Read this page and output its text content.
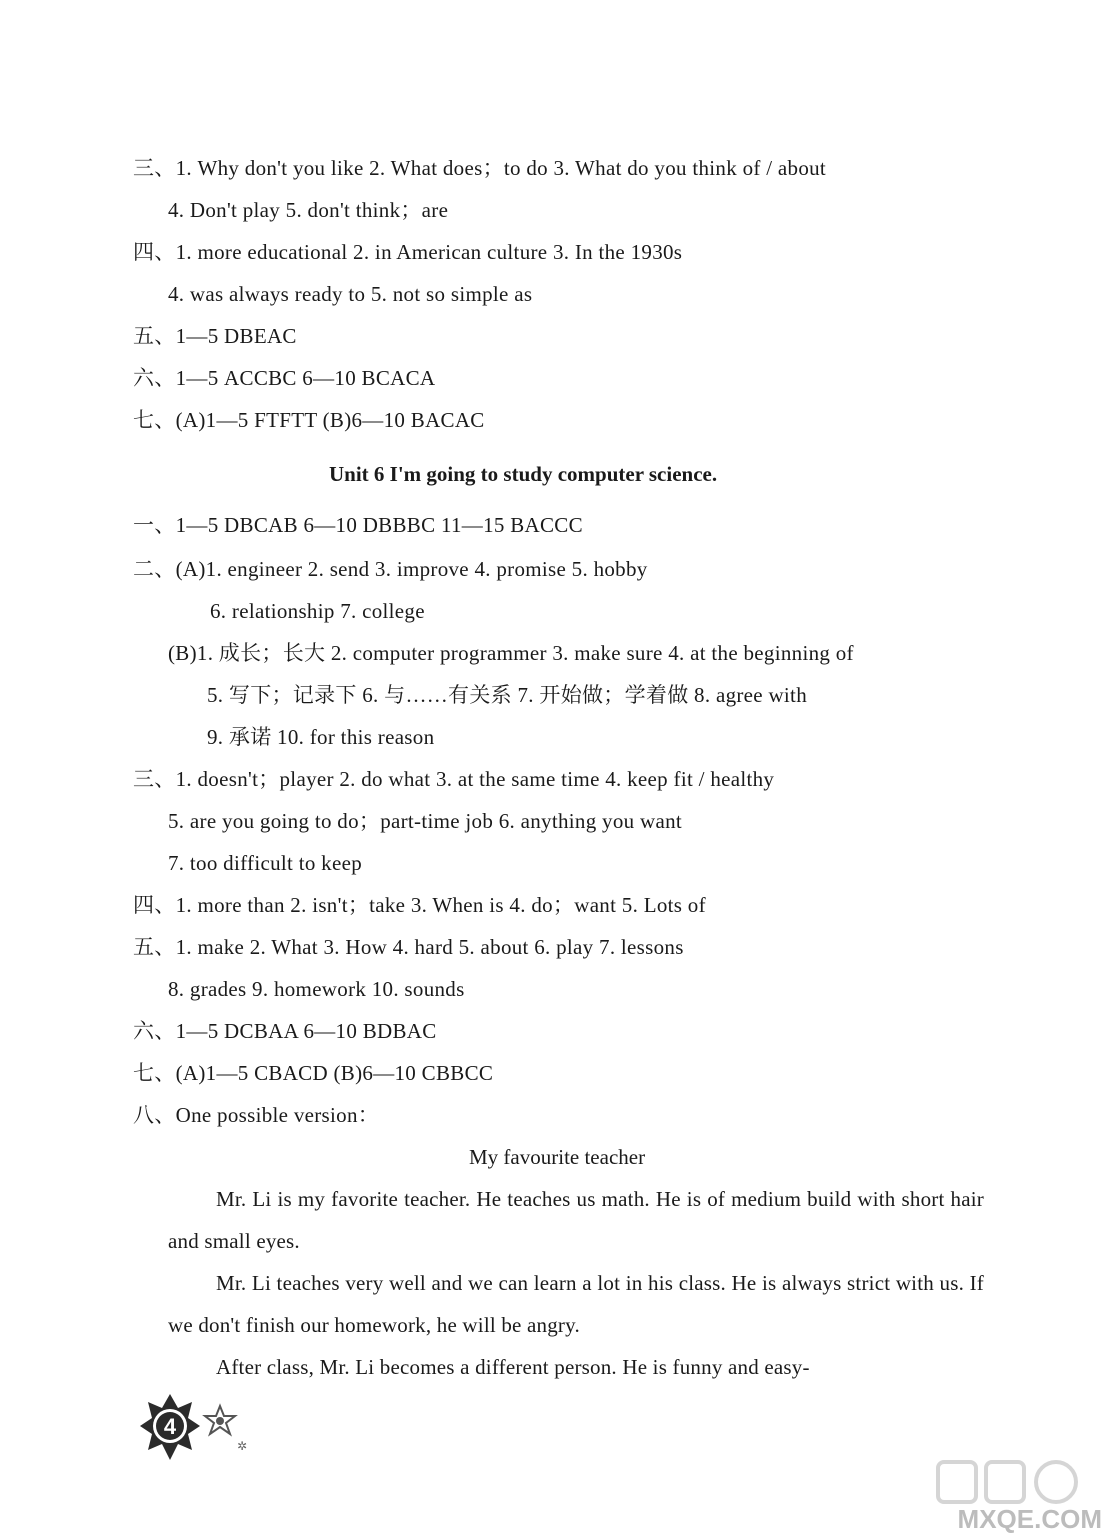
三、1. Why don't you like 2. What does；to do 3. What do you think of / about
4. Don't play 5. don't think；are
四、1. more educational 2. in American culture 3. In the 1930s
4. was always ready to 5. not so simple as
五、1—5 DBEAC
六、1—5 ACCBC 6—10 BCACA
七、(A)1—5 FTFTT (B)6—10 BACAC
Unit 6 I'm going to study computer science.
一、1—5 DBCAB 6—10 DBBBC 11—15 BACCC
二、(A)1. engineer 2. send 3. improve 4. promise 5. hobby
6. relationship 7. college
(B)1. 成长；长大 2. computer programmer 3. make sure 4. at the beginning of
5. 写下；记录下 6. 与……有关系 7. 开始做；学着做 8. agree with
9. 承诺 10. for this reason
三、1. doesn't；player 2. do what 3. at the same time 4. keep fit / healthy
5. are you going to do；part-time job 6. anything you want
7. too difficult to keep
四、1. more than 2. isn't；take 3. When is 4. do；want 5. Lots of
五、1. make 2. What 3. How 4. hard 5. about 6. play 7. lessons
8. grades 9. homework 10. sounds
六、1—5 DCBAA 6—10 BDBAC
七、(A)1—5 CBACD (B)6—10 CBBCC
八、One possible version：
My favourite teacher
Mr. Li is my favorite teacher. He teaches us math. He is of medium build with short hair and small eyes.
Mr. Li teaches very well and we can learn a lot in his class. He is always strict with us. If we don't finish our homework, he will be angry.
After class, Mr. Li becomes a different person. He is funny and easy-
4
✲
MXQE.COM
